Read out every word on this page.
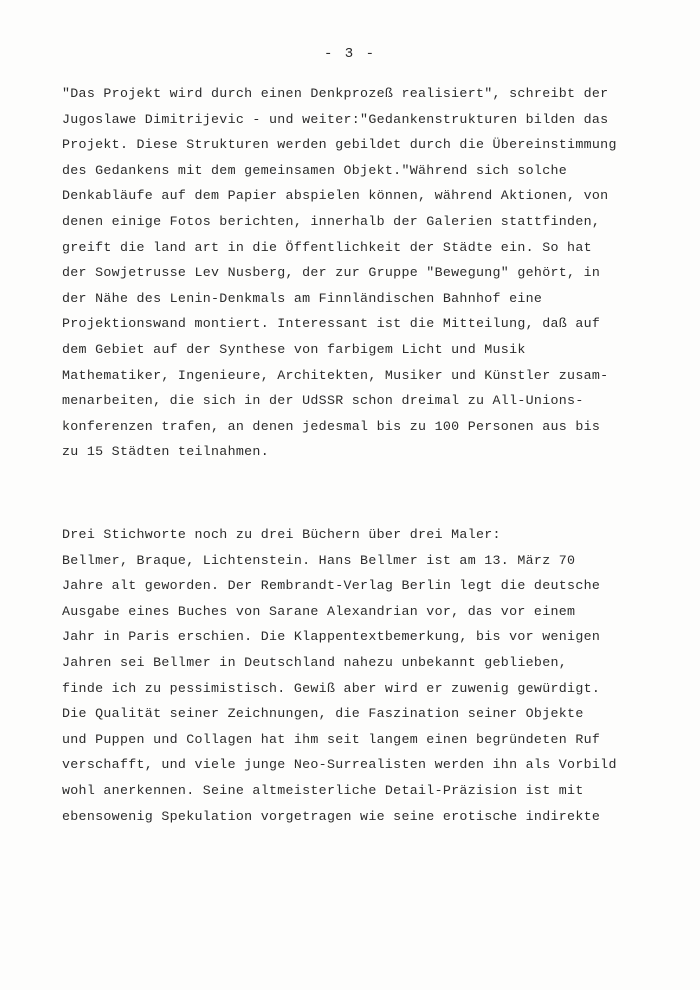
- 3 -
"Das Projekt wird durch einen Denkprozeß realisiert", schreibt der
Jugoslawe Dimitrijevic - und weiter:"Gedankenstrukturen bilden das
Projekt. Diese Strukturen werden gebildet durch die Übereinstimmung
des Gedankens mit dem gemeinsamen Objekt."Während sich solche
Denkabläufe auf dem Papier abspielen können, während Aktionen, von
denen einige Fotos berichten, innerhalb der Galerien stattfinden,
greift die land art in die Öffentlichkeit der Städte ein. So hat
der Sowjetrusse Lev Nusberg, der zur Gruppe "Bewegung" gehört, in
der Nähe des Lenin-Denkmals am Finnländischen Bahnhof eine
Projektionswand montiert. Interessant ist die Mitteilung, daß auf
dem Gebiet auf der Synthese von farbigem Licht und Musik
Mathematiker, Ingenieure, Architekten, Musiker und Künstler zusam-
menarbeiten, die sich in der UdSSR schon dreimal zu All-Unions-
konferenzen trafen, an denen jedesmal bis zu 100 Personen aus bis
zu 15 Städten teilnahmen.
Drei Stichworte noch zu drei Büchern über drei Maler:
Bellmer, Braque, Lichtenstein. Hans Bellmer ist am 13. März 70
Jahre alt geworden. Der Rembrandt-Verlag Berlin legt die deutsche
Ausgabe eines Buches von Sarane Alexandrian vor, das vor einem
Jahr in Paris erschien. Die Klappentextbemerkung, bis vor wenigen
Jahren sei Bellmer in Deutschland nahezu unbekannt geblieben,
finde ich zu pessimistisch. Gewiß aber wird er zuwenig gewürdigt.
Die Qualität seiner Zeichnungen, die Faszination seiner Objekte
und Puppen und Collagen hat ihm seit langem einen begründeten Ruf
verschafft, und viele junge Neo-Surrealisten werden ihn als Vorbild
wohl anerkennen. Seine altmeisterliche Detail-Präzision ist mit
ebensowenig Spekulation vorgetragen wie seine erotische indirekte
